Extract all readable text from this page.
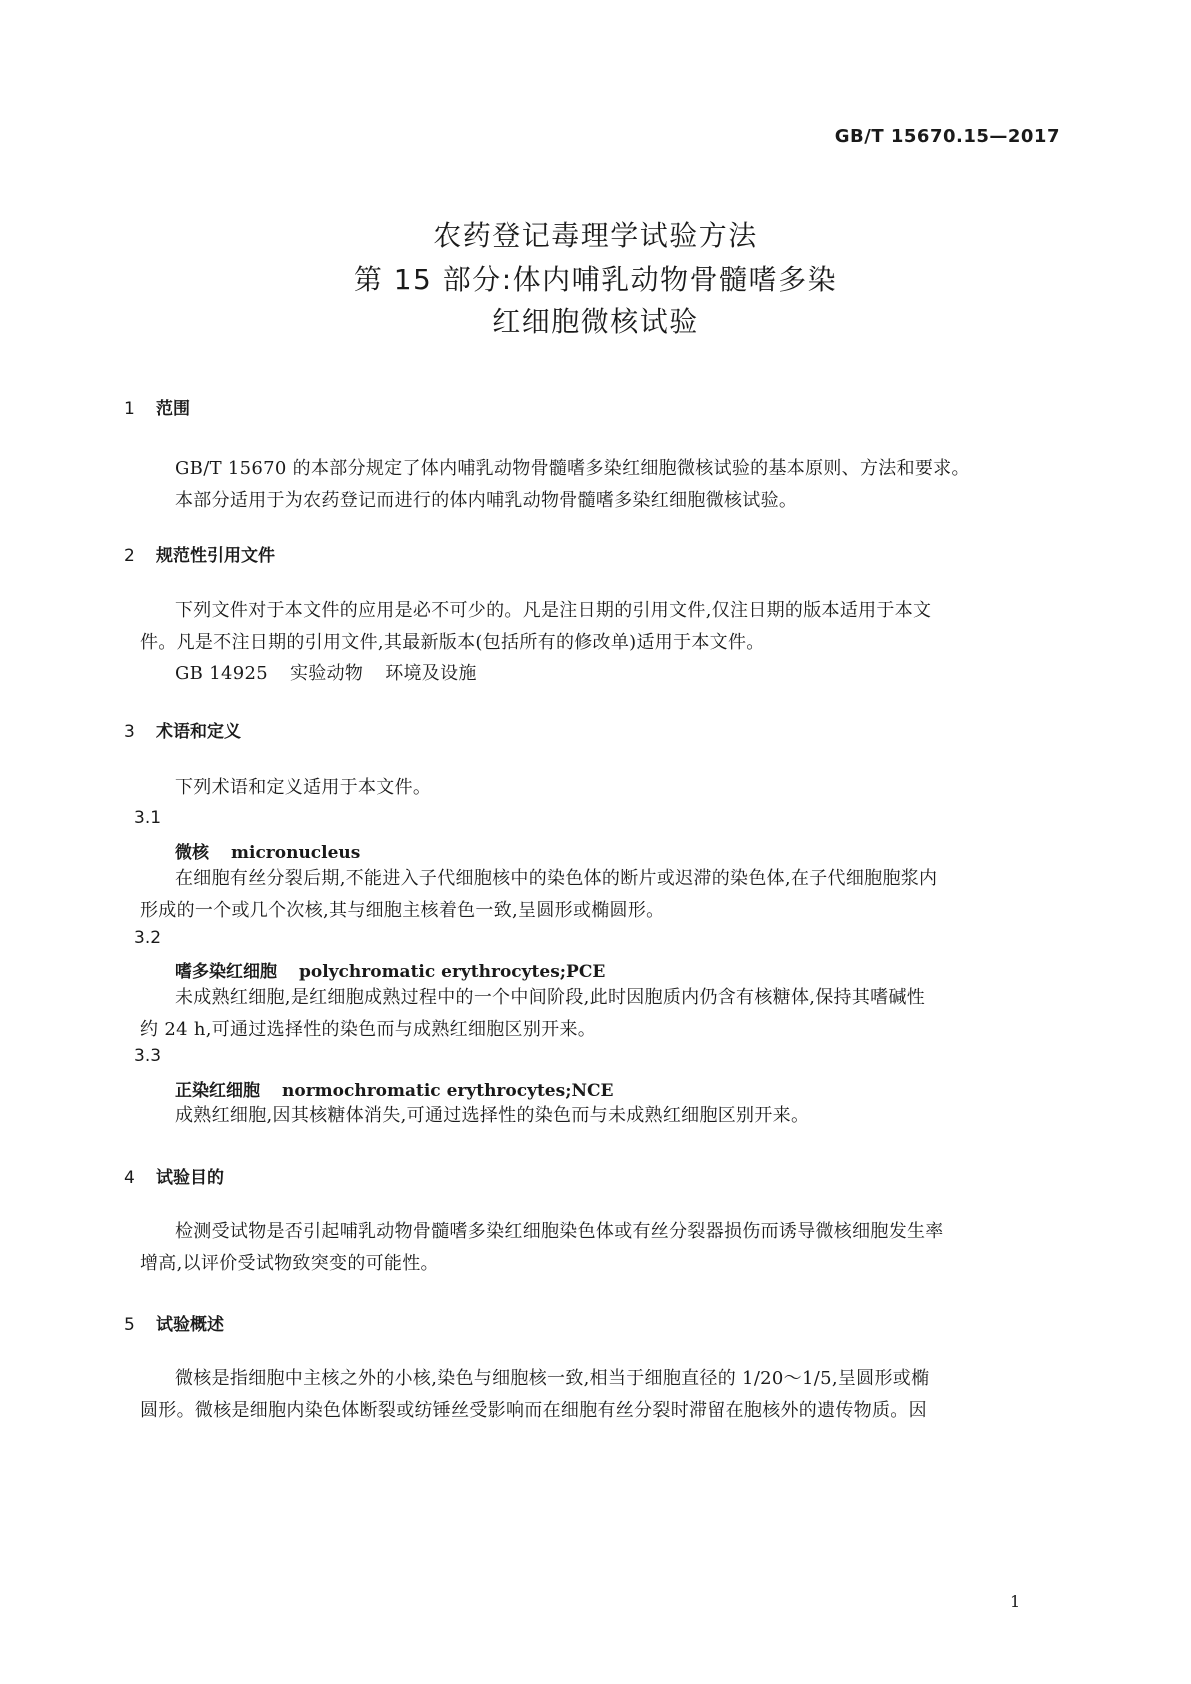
GB/T 15670.15—2017
农药登记毒理学试验方法
第 15 部分:体内哺乳动物骨髓嗜多染
红细胞微核试验
1 范围

GB/T 15670 的本部分规定了体内哺乳动物骨髓嗜多染红细胞微核试验的基本原则、方法和要求。

本部分适用于为农药登记而进行的体内哺乳动物骨髓嗜多染红细胞微核试验。

2 规范性引用文件

下列文件对于本文件的应用是必不可少的。凡是注日期的引用文件,仅注日期的版本适用于本文

件。凡是不注日期的引用文件,其最新版本(包括所有的修改单)适用于本文件。

GB 14925 实验动物 环境及设施

3 术语和定义
下列术语和定义适用于本文件。
3.1
微核 micronucleus

在细胞有丝分裂后期,不能进入子代细胞核中的染色体的断片或迟滞的染色体,在子代细胞胞浆内

形成的一个或几个次核,其与细胞主核着色一致,呈圆形或椭圆形。

3.2
嗜多染红细胞 polychromatic erythrocytes;PCE

未成熟红细胞,是红细胞成熟过程中的一个中间阶段,此时因胞质内仍含有核糖体,保持其嗜碱性

约 24 h,可通过选择性的染色而与成熟红细胞区别开来。

3.3
正染红细胞 normochromatic erythrocytes;NCE

成熟红细胞,因其核糖体消失,可通过选择性的染色而与未成熟红细胞区别开来。

4 试验目的

检测受试物是否引起哺乳动物骨髓嗜多染红细胞染色体或有丝分裂器损伤而诱导微核细胞发生率

增高,以评价受试物致突变的可能性。

5 试验概述

微核是指细胞中主核之外的小核,染色与细胞核一致,相当于细胞直径的 1/20～1/5,呈圆形或椭

圆形。微核是细胞内染色体断裂或纺锤丝受影响而在细胞有丝分裂时滞留在胞核外的遗传物质。因

1
